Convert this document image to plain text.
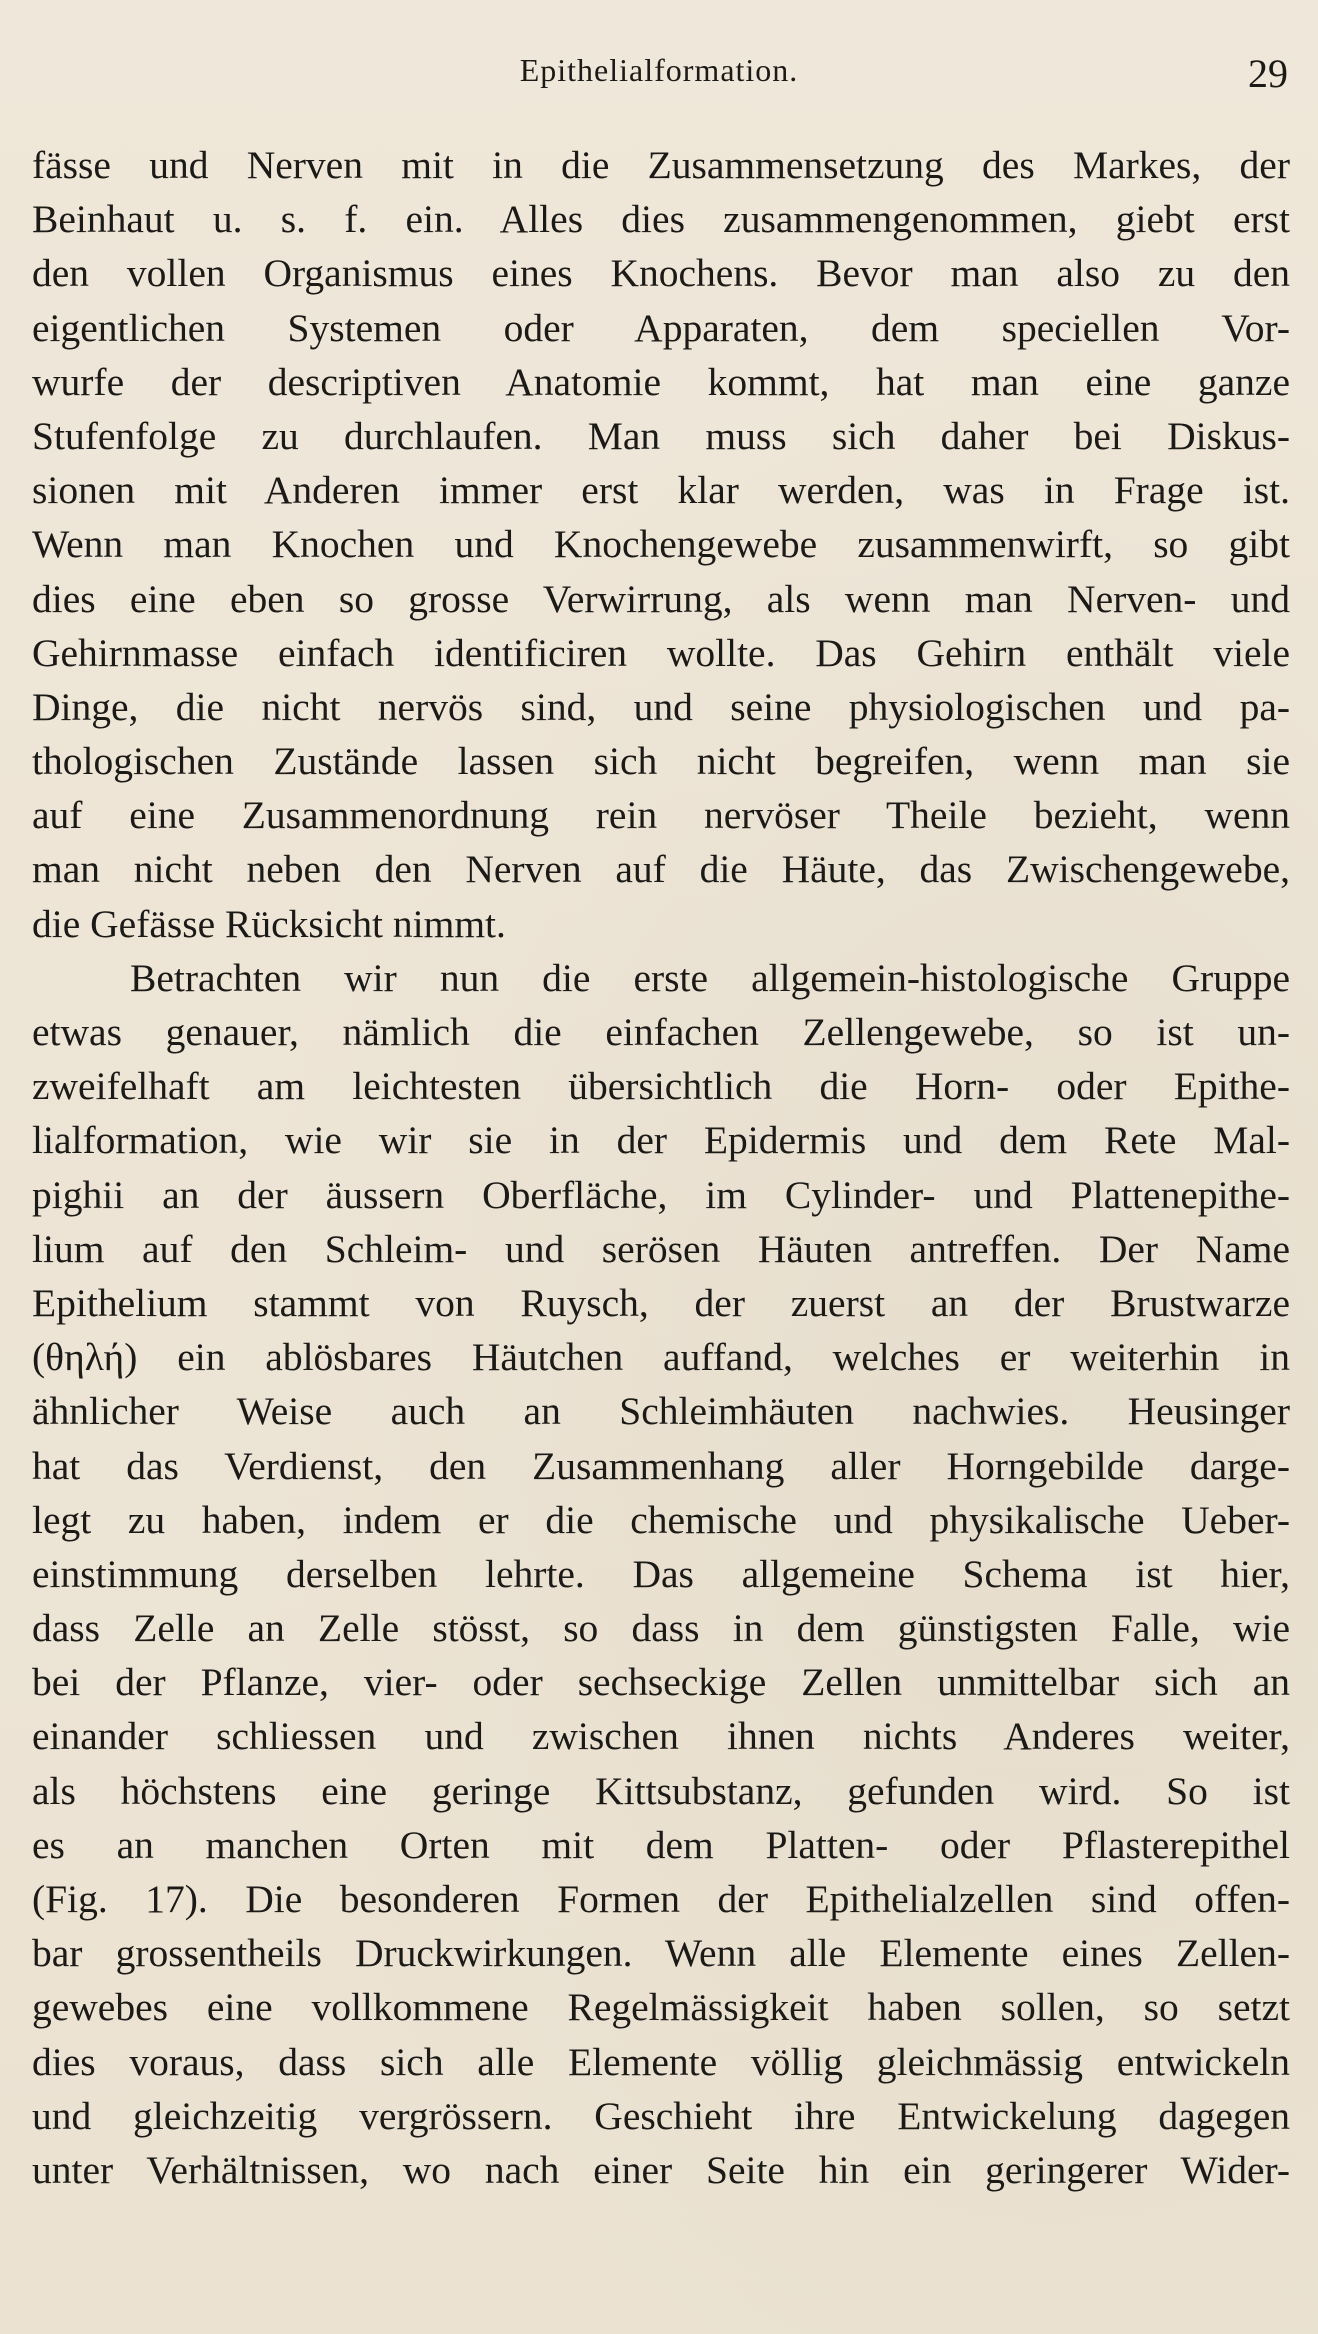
Epithelialformation.	29
fässe und Nerven mit in die Zusammensetzung des Markes, der
Beinhaut u. s. f. ein. Alles dies zusammengenommen, giebt erst
den vollen Organismus eines Knochens. Bevor man also zu den
eigentlichen Systemen oder Apparaten, dem speciellen Vor-
wurfe der descriptiven Anatomie kommt, hat man eine ganze
Stufenfolge zu durchlaufen. Man muss sich daher bei Diskus-
sionen mit Anderen immer erst klar werden, was in Frage ist.
Wenn man Knochen und Knochengewebe zusammenwirft, so gibt
dies eine eben so grosse Verwirrung, als wenn man Nerven- und
Gehirnmasse einfach identificiren wollte. Das Gehirn enthält viele
Dinge, die nicht nervös sind, und seine physiologischen und pa-
thologischen Zustände lassen sich nicht begreifen, wenn man sie
auf eine Zusammenordnung rein nervöser Theile bezieht, wenn
man nicht neben den Nerven auf die Häute, das Zwischengewebe,
die Gefässe Rücksicht nimmt.
Betrachten wir nun die erste allgemein-histologische Gruppe
etwas genauer, nämlich die einfachen Zellengewebe, so ist un-
zweifelhaft am leichtesten übersichtlich die Horn- oder Epithe-
lialformation, wie wir sie in der Epidermis und dem Rete Mal-
pighii an der äussern Oberfläche, im Cylinder- und Plattenepithe-
lium auf den Schleim- und serösen Häuten antreffen. Der Name
Epithelium stammt von Ruysch, der zuerst an der Brustwarze
(θηλή) ein ablösbares Häutchen auffand, welches er weiterhin in
ähnlicher Weise auch an Schleimhäuten nachwies. Heusinger
hat das Verdienst, den Zusammenhang aller Horngebilde darge-
legt zu haben, indem er die chemische und physikalische Ueber-
einstimmung derselben lehrte. Das allgemeine Schema ist hier,
dass Zelle an Zelle stösst, so dass in dem günstigsten Falle, wie
bei der Pflanze, vier- oder sechseckige Zellen unmittelbar sich an
einander schliessen und zwischen ihnen nichts Anderes weiter,
als höchstens eine geringe Kittsubstanz, gefunden wird. So ist
es an manchen Orten mit dem Platten- oder Pflasterepithel
(Fig. 17). Die besonderen Formen der Epithelialzellen sind offen-
bar grossentheils Druckwirkungen. Wenn alle Elemente eines Zellen-
gewebes eine vollkommene Regelmässigkeit haben sollen, so setzt
dies voraus, dass sich alle Elemente völlig gleichmässig entwickeln
und gleichzeitig vergrössern. Geschieht ihre Entwickelung dagegen
unter Verhältnissen, wo nach einer Seite hin ein geringerer Wider-
